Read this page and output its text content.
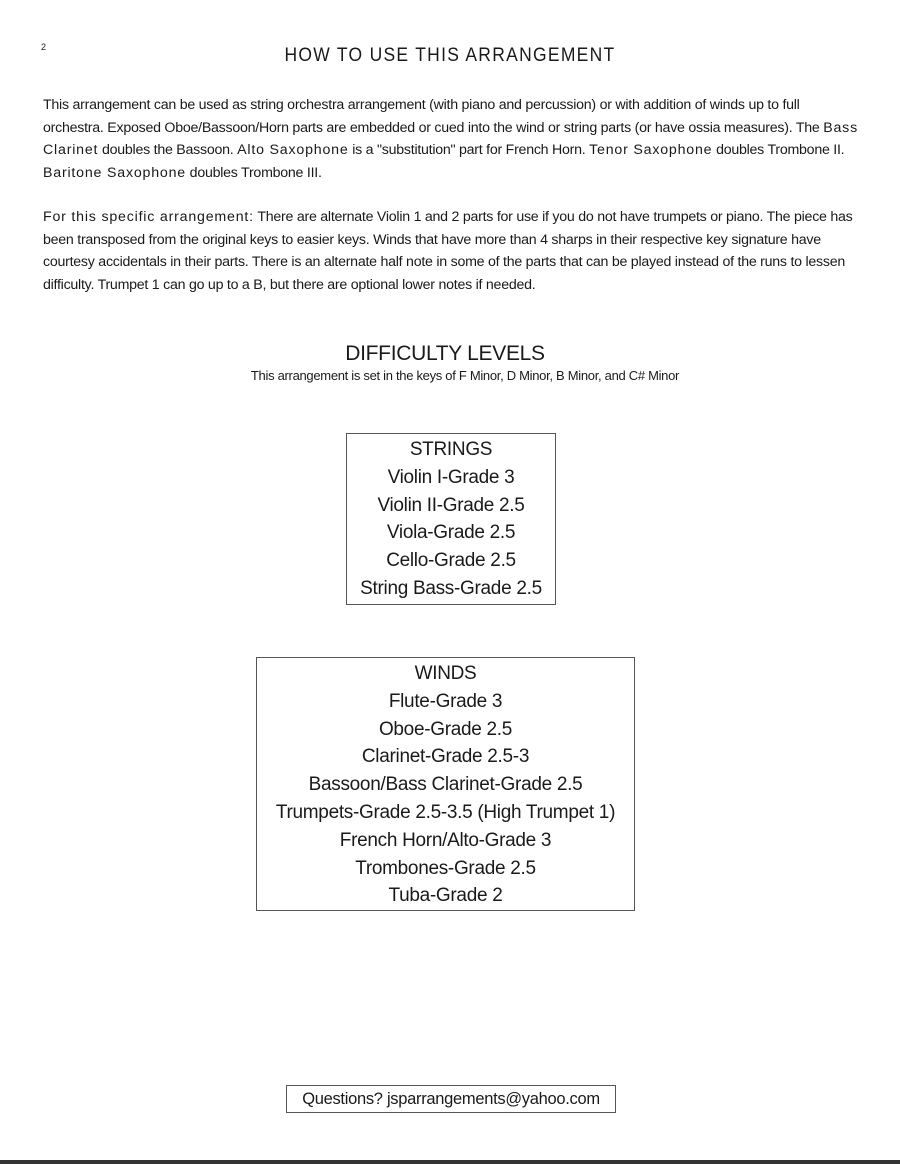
2	HOW TO USE THIS ARRANGEMENT

This arrangement can be used as string orchestra arrangement (with piano and percussion) or with addition of winds up to full orchestra. Exposed Oboe/Bassoon/Horn parts are embedded or cued into the wind or string parts (or have ossia measures). The Bass Clarinet doubles the Bassoon. Alto Saxophone is a "substitution" part for French Horn. Tenor Saxophone doubles Trombone II. Baritone Saxophone doubles Trombone III.

For this specific arrangement: There are alternate Violin 1 and 2 parts for use if you do not have trumpets or piano. The piece has been transposed from the original keys to easier keys. Winds that have more than 4 sharps in their respective key signature have courtesy accidentals in their parts. There is an alternate half note in some of the parts that can be played instead of the runs to lessen difficulty. Trumpet 1 can go up to a B, but there are optional lower notes if needed.

DIFFICULTY LEVELS
This arrangement is set in the keys of F Minor, D Minor, B Minor, and C# Minor
STRINGS
Violin I-Grade 3
Violin II-Grade 2.5
Viola-Grade 2.5
Cello-Grade 2.5
String Bass-Grade 2.5
WINDS
Flute-Grade 3
Oboe-Grade 2.5
Clarinet-Grade 2.5-3
Bassoon/Bass Clarinet-Grade 2.5
Trumpets-Grade 2.5-3.5 (High Trumpet 1)
French Horn/Alto-Grade 3
Trombones-Grade 2.5
Tuba-Grade 2
Questions? jsparrangements@yahoo.com
